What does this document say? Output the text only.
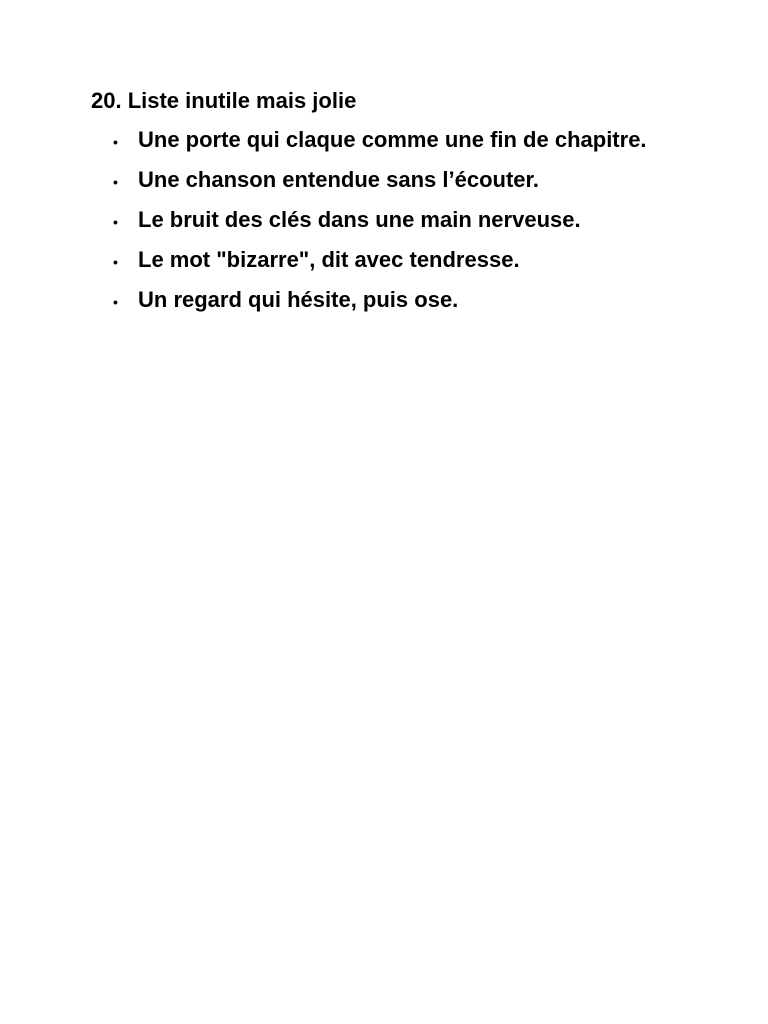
20. Liste inutile mais jolie
• Une porte qui claque comme une fin de chapitre.
• Une chanson entendue sans l’écouter.
• Le bruit des clés dans une main nerveuse.
• Le mot "bizarre", dit avec tendresse.
• Un regard qui hésite, puis ose.
